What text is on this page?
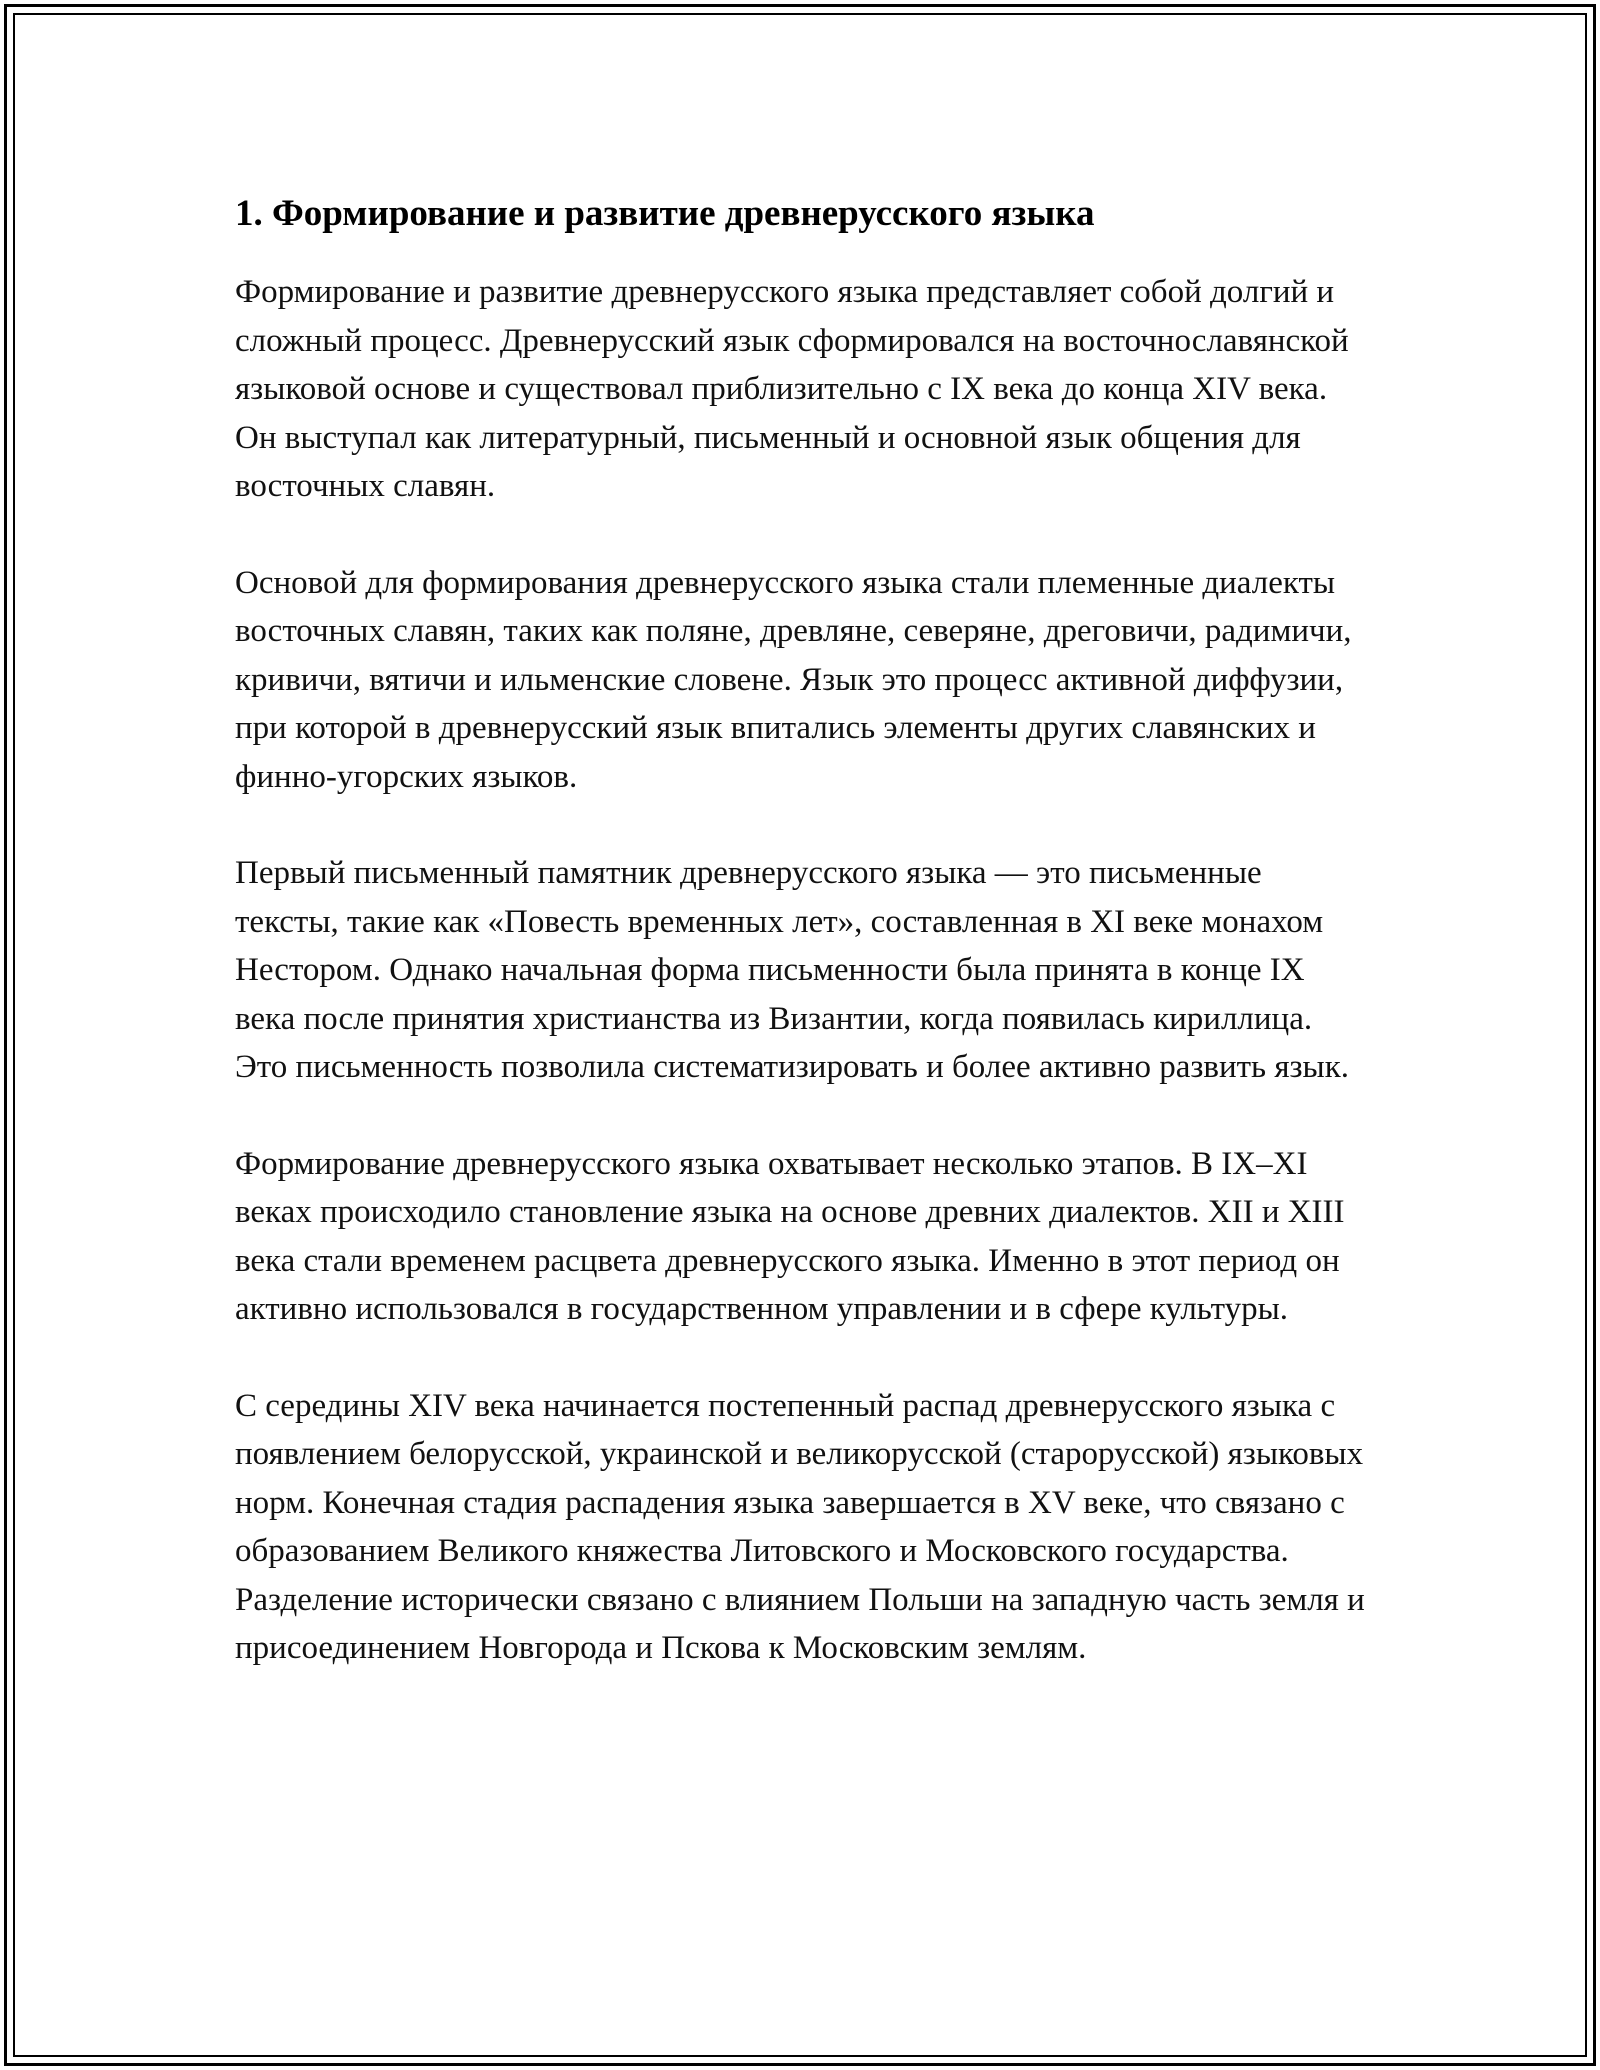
1. Формирование и развитие древнерусского языка

Формирование и развитие древнерусского языка представляет собой долгий и сложный процесс. Древнерусский язык сформировался на восточнославянской языковой основе и существовал приблизительно с IX века до конца XIV века. Он выступал как литературный, письменный и основной язык общения для восточных славян.

Основой для формирования древнерусского языка стали племенные диалекты восточных славян, таких как поляне, древляне, северяне, дреговичи, радимичи, кривичи, вятичи и ильменские словене. Язык это процесс активной диффузии, при которой в древнерусский язык впитались элементы других славянских и финно-угорских языков.

Первый письменный памятник древнерусского языка — это письменные тексты, такие как «Повесть временных лет», составленная в XI веке монахом Нестором. Однако начальная форма письменности была принята в конце IX века после принятия христианства из Византии, когда появилась кириллица. Это письменность позволила систематизировать и более активно развить язык.

Формирование древнерусского языка охватывает несколько этапов. В IX–XI веках происходило становление языка на основе древних диалектов. XII и XIII века стали временем расцвета древнерусского языка. Именно в этот период он активно использовался в государственном управлении и в сфере культуры.

С середины XIV века начинается постепенный распад древнерусского языка с появлением белорусской, украинской и великорусской (старорусской) языковых норм. Конечная стадия распадения языка завершается в XV веке, что связано с образованием Великого княжества Литовского и Московского государства. Разделение исторически связано с влиянием Польши на западную часть земля и присоединением Новгорода и Пскова к Московским землям.
